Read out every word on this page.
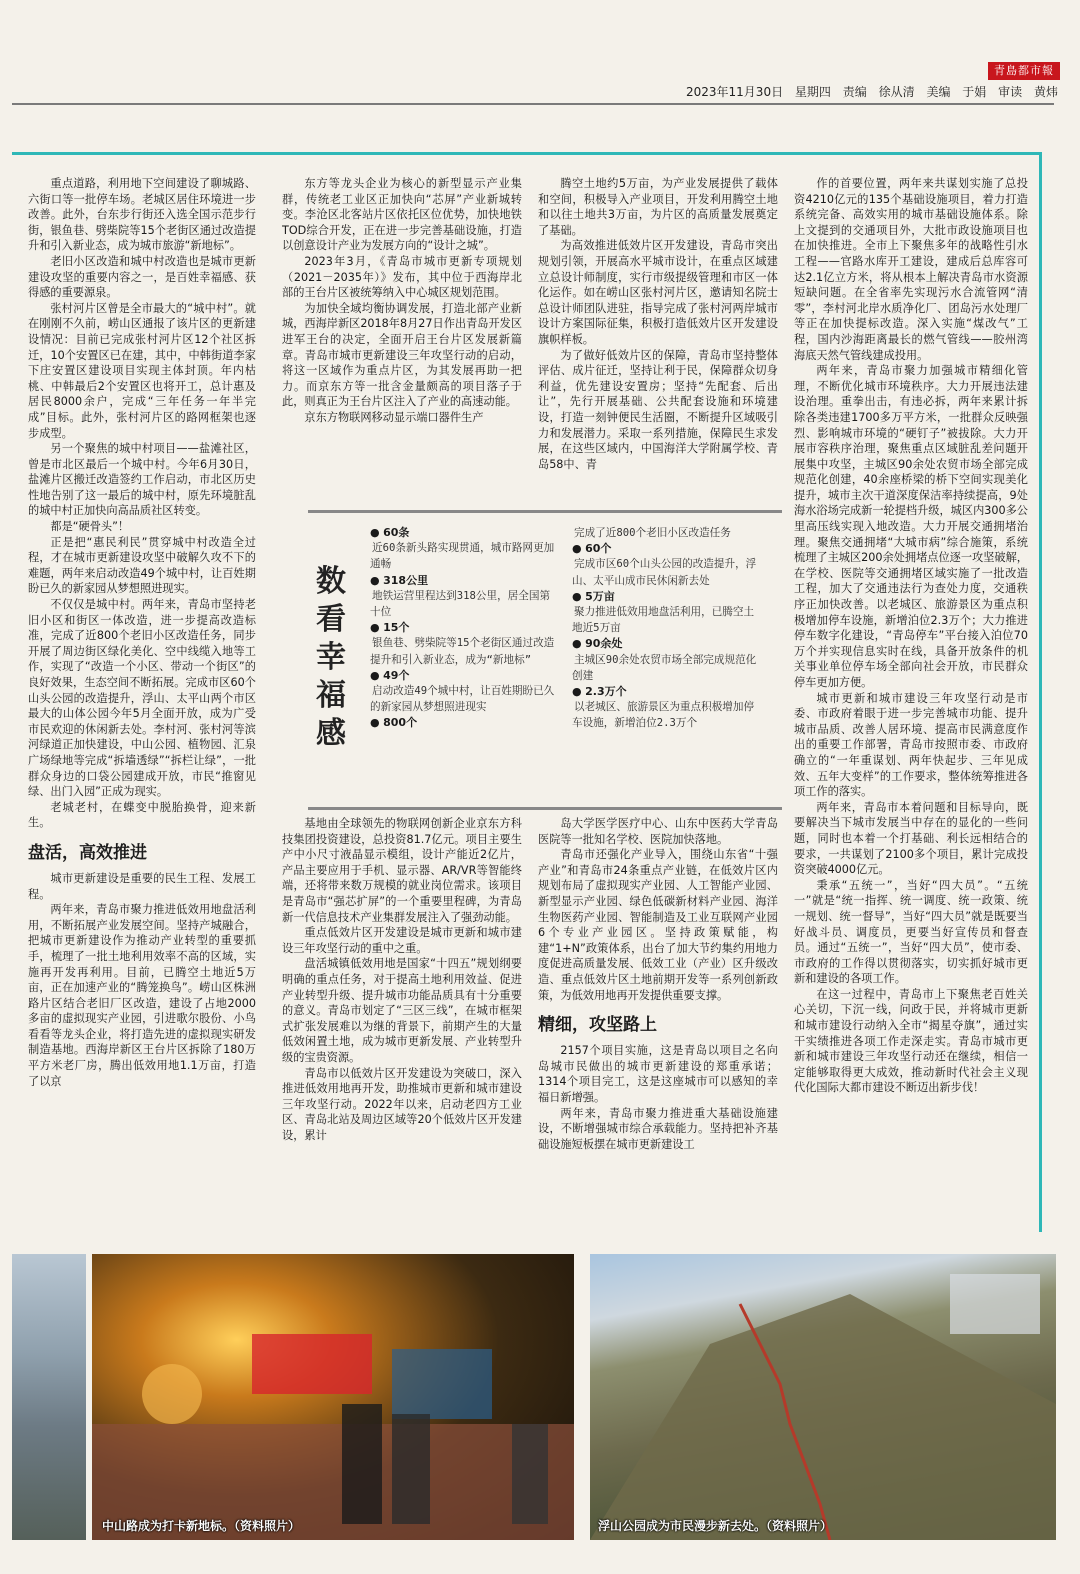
青島都市報
2023年11月30日 星期四 责编 徐从清 美编 于娟 审读 黄炜

重点道路，利用地下空间建设了聊城路、六街口等一批停车场。老城区居住环境进一步改善。此外，台东步行街还入选全国示范步行街，银鱼巷、劈柴院等15个老街区通过改造提升和引入新业态，成为城市旅游“新地标”。

老旧小区改造和城中村改造也是城市更新建设攻坚的重要内容之一，是百姓幸福感、获得感的重要源泉。

张村河片区曾是全市最大的“城中村”。就在刚刚不久前，崂山区通报了该片区的更新建设情况：目前已完成张村河片区12个社区拆迁，10个安置区已在建，其中，中韩街道李家下庄安置区建设项目实现主体封顶。年内枯桃、中韩最后2个安置区也将开工，总计惠及居民8000余户，完成“三年任务一年半完成”目标。此外，张村河片区的路网框架也逐步成型。

另一个聚焦的城中村项目——盐滩社区，曾是市北区最后一个城中村。今年6月30日，盐滩片区搬迁改造签约工作启动，市北区历史性地告别了这一最后的城中村，原先环境脏乱的城中村正加快向高品质社区转变。

都是“硬骨头”！

正是把“惠民利民”贯穿城中村改造全过程，才在城市更新建设攻坚中破解久攻不下的难题，两年来启动改造49个城中村，让百姓期盼已久的新家园从梦想照进现实。

不仅仅是城中村。两年来，青岛市坚持老旧小区和街区一体改造，进一步提高改造标准，完成了近800个老旧小区改造任务，同步开展了周边街区绿化美化、空中线缆入地等工作，实现了“改造一个小区、带动一个街区”的良好效果，生态空间不断拓展。完成市区60个山头公园的改造提升，浮山、太平山两个市区最大的山体公园今年5月全面开放，成为广受市民欢迎的休闲新去处。李村河、张村河等滨河绿道正加快建设，中山公园、植物园、汇泉广场绿地等完成“拆墙透绿”“拆栏让绿”，一批群众身边的口袋公园建成开放，市民“推窗见绿、出门入园”正成为现实。

老城老村，在蝶变中脱胎换骨，迎来新生。

盘活，高效推进

城市更新建设是重要的民生工程、发展工程。

两年来，青岛市聚力推进低效用地盘活利用，不断拓展产业发展空间。坚持产城融合，把城市更新建设作为推动产业转型的重要抓手，梳理了一批土地利用效率不高的区域，实施再开发再利用。目前，已腾空土地近5万亩，正在加速产业的“腾笼换鸟”。崂山区株洲路片区结合老旧厂区改造，建设了占地2000多亩的虚拟现实产业园，引进歌尔股份、小鸟看看等龙头企业，将打造先进的虚拟现实研发制造基地。西海岸新区王台片区拆除了180万平方米老厂房，腾出低效用地1.1万亩，打造了以京

东方等龙头企业为核心的新型显示产业集群，传统老工业区正加快向“芯屏”产业新城转变。李沧区北客站片区依托区位优势，加快地铁TOD综合开发，正在进一步完善基础设施，打造以创意设计产业为发展方向的“设计之城”。

2023年3月，《青岛市城市更新专项规划（2021－2035年）》发布，其中位于西海岸北部的王台片区被统筹纳入中心城区规划范围。

为加快全域均衡协调发展，打造北部产业新城，西海岸新区2018年8月27日作出青岛开发区进军王台的决定，全面开启王台片区发展新篇章。青岛市城市更新建设三年攻坚行动的启动，将这一区域作为重点片区，为其发展再助一把力。而京东方等一批含金量颇高的项目落子于此，则真正为王台片区注入了产业的高速动能。

京东方物联网移动显示端口器件生产

腾空土地约5万亩，为产业发展提供了载体和空间，积极导入产业项目，开发利用腾空土地和以往土地共3万亩，为片区的高质量发展奠定了基础。

为高效推进低效片区开发建设，青岛市突出规划引领，开展高水平城市设计，在重点区域建立总设计师制度，实行市级提级管理和市区一体化运作。如在崂山区张村河片区，邀请知名院士总设计师团队进驻，指导完成了张村河两岸城市设计方案国际征集，积极打造低效片区开发建设旗帜样板。

为了做好低效片区的保障，青岛市坚持整体评估、成片征迁，坚持让利于民，保障群众切身利益，优先建设安置房；坚持“先配套、后出让”，先行开展基础、公共配套设施和环境建设，打造一刻钟便民生活圈，不断提升区域吸引力和发展潜力。采取一系列措施，保障民生求发展，在这些区域内，中国海洋大学附属学校、青岛58中、青

数看幸福感
● 60条
近60条新头路实现贯通，城市路网更加通畅
● 318公里
地铁运营里程达到318公里，居全国第十位
● 15个
银鱼巷、劈柴院等15个老街区通过改造提升和引入新业态，成为“新地标”
● 49个
启动改造49个城中村，让百姓期盼已久的新家园从梦想照进现实
● 800个
完成了近800个老旧小区改造任务
● 60个
完成市区60个山头公园的改造提升，浮山、太平山成市民休闲新去处
● 5万亩
聚力推进低效用地盘活利用，已腾空土地近5万亩
● 90余处
主城区90余处农贸市场全部完成规范化创建
● 2.3万个
以老城区、旅游景区为重点积极增加停车设施，新增泊位2.3万个

基地由全球领先的物联网创新企业京东方科技集团投资建设，总投资81.7亿元。项目主要生产中小尺寸液晶显示模组，设计产能近2亿片，产品主要应用于手机、显示器、AR/VR等智能终端，还将带来数万规模的就业岗位需求。该项目是青岛市“强芯扩屏”的一个重要里程碑，为青岛新一代信息技术产业集群发展注入了强劲动能。

重点低效片区开发建设是城市更新和城市建设三年攻坚行动的重中之重。

盘活城镇低效用地是国家“十四五”规划纲要明确的重点任务，对于提高土地利用效益、促进产业转型升级、提升城市功能品质具有十分重要的意义。青岛市划定了“三区三线”，在城市框架式扩张发展难以为继的背景下，前期产生的大量低效闲置土地，成为城市更新发展、产业转型升级的宝贵资源。

青岛市以低效片区开发建设为突破口，深入推进低效用地再开发，助推城市更新和城市建设三年攻坚行动。2022年以来，启动老四方工业区、青岛北站及周边区域等20个低效片区开发建设，累计

岛大学医学医疗中心、山东中医药大学青岛医院等一批知名学校、医院加快落地。

青岛市还强化产业导入，围绕山东省“十强产业”和青岛市24条重点产业链，在低效片区内规划布局了虚拟现实产业园、人工智能产业园、新型显示产业园、绿色低碳新材料产业园、海洋生物医药产业园、智能制造及工业互联网产业园6个专业产业园区。坚持政策赋能，构建“1+N”政策体系，出台了加大节约集约用地力度促进高质量发展、低效工业（产业）区升级改造、重点低效片区土地前期开发等一系列创新政策，为低效用地再开发提供重要支撑。

精细，攻坚路上

2157个项目实施，这是青岛以项目之名向岛城市民做出的城市更新建设的郑重承诺；1314个项目完工，这是这座城市可以感知的幸福日新增强。

两年来，青岛市聚力推进重大基础设施建设，不断增强城市综合承载能力。坚持把补齐基础设施短板摆在城市更新建设工

作的首要位置，两年来共谋划实施了总投资4210亿元的135个基础设施项目，着力打造系统完备、高效实用的城市基础设施体系。除上文提到的交通项目外，大批市政设施项目也在加快推进。全市上下聚焦多年的战略性引水工程——官路水库开工建设，建成后总库容可达2.1亿立方米，将从根本上解决青岛市水资源短缺问题。在全省率先实现污水合流管网“清零”，李村河北岸水质净化厂、团岛污水处理厂等正在加快提标改造。深入实施“煤改气”工程，国内沙海距离最长的燃气管线——胶州湾海底天然气管线建成投用。

两年来，青岛市聚力加强城市精细化管理，不断优化城市环境秩序。大力开展违法建设治理。重拳出击，有违必拆，两年来累计拆除各类违建1700多万平方米，一批群众反映强烈、影响城市环境的“硬钉子”被拔除。大力开展市容秩序治理，聚焦重点区域脏乱差问题开展集中攻坚，主城区90余处农贸市场全部完成规范化创建，40余座桥梁的桥下空间实现美化提升，城市主次干道深度保洁率持续提高，9处海水浴场完成新一轮提档升级，城区内300多公里高压线实现入地改造。大力开展交通拥堵治理。聚焦交通拥堵“大城市病”综合施策，系统梳理了主城区200余处拥堵点位逐一攻坚破解，在学校、医院等交通拥堵区域实施了一批改造工程，加大了交通违法行为查处力度，交通秩序正加快改善。以老城区、旅游景区为重点积极增加停车设施，新增泊位2.3万个；大力推进停车数字化建设，“青岛停车”平台接入泊位70万个并实现信息实时在线，具备开放条件的机关事业单位停车场全部向社会开放，市民群众停车更加方便。

城市更新和城市建设三年攻坚行动是市委、市政府着眼于进一步完善城市功能、提升城市品质、改善人居环境、提高市民满意度作出的重要工作部署，青岛市按照市委、市政府确立的“一年重谋划、两年快起步、三年见成效、五年大变样”的工作要求，整体统筹推进各项工作的落实。

两年来，青岛市本着问题和目标导向，既要解决当下城市发展当中存在的显化的一些问题，同时也本着一个打基础、利长远相结合的要求，一共谋划了2100多个项目，累计完成投资突破4000亿元。

秉承“五统一”，当好“四大员”。“五统一”就是“统一指挥、统一调度、统一政策、统一规划、统一督导”，当好“四大员”就是既要当好战斗员、调度员，更要当好宣传员和督查员。通过“五统一”，当好“四大员”，使市委、市政府的工作得以贯彻落实，切实抓好城市更新和建设的各项工作。

在这一过程中，青岛市上下聚焦老百姓关心关切，下沉一线，问政于民，并将城市更新和城市建设行动纳入全市“揭星夺旗”，通过实干实绩推进各项工作走深走实。青岛市城市更新和城市建设三年攻坚行动还在继续，相信一定能够取得更大成效，推动新时代社会主义现代化国际大都市建设不断迈出新步伐！

中山路成为打卡新地标。（资料照片）	浮山公园成为市民漫步新去处。（资料照片）
